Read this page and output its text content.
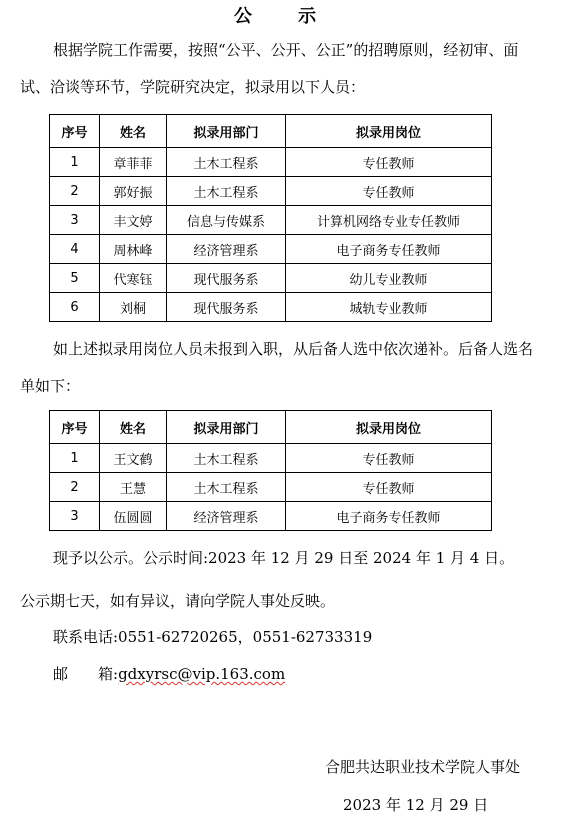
公 示
根据学院工作需要，按照“公平、公开、公正”的招聘原则，经初审、面试、洽谈等环节，学院研究决定，拟录用以下人员：
序号	姓名	拟录用部门	拟录用岗位
1	章菲菲	土木工程系	专任教师
2	郭好振	土木工程系	专任教师
3	丰文婷	信息与传媒系	计算机网络专业专任教师
4	周林峰	经济管理系	电子商务专任教师
5	代寒钰	现代服务系	幼儿专业教师
6	刘桐	现代服务系	城轨专业教师
如上述拟录用岗位人员未报到入职，从后备人选中依次递补。后备人选名单如下：
序号	姓名	拟录用部门	拟录用岗位
1	王文鹤	土木工程系	专任教师
2	王慧	土木工程系	专任教师
3	伍圆圆	经济管理系	电子商务专任教师
现予以公示。公示时间:2023 年 12 月 29 日至 2024 年 1 月 4 日。
公示期七天，如有异议，请向学院人事处反映。
联系电话:0551-62720265，0551-62733319
邮　　箱:gdxyrsc@vip.163.com
合肥共达职业技术学院人事处
2023 年 12 月 29 日
